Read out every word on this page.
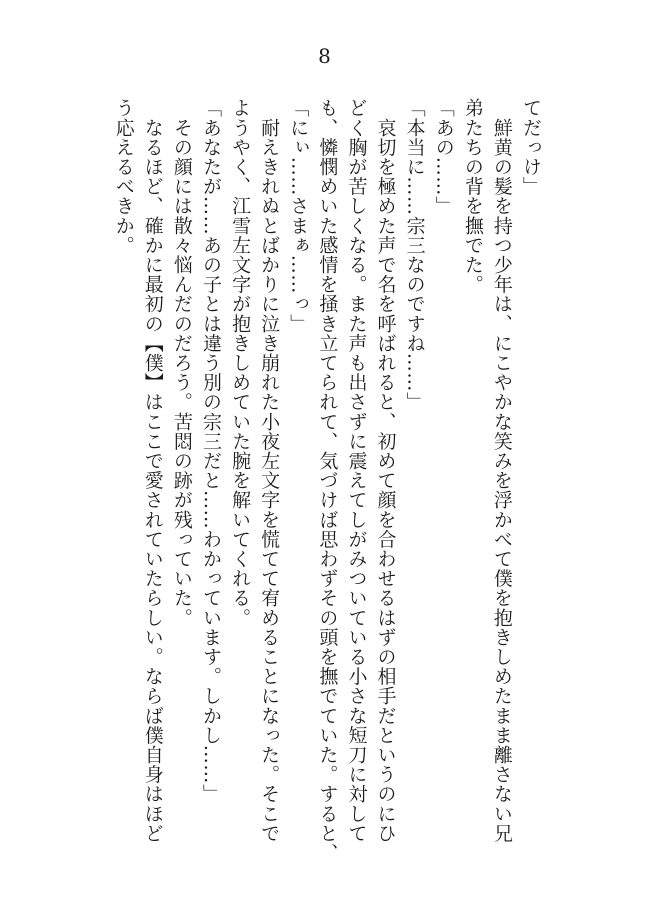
8
てだっけ」
　鮮黄の髪を持つ少年は、にこやかな笑みを浮かべて僕を抱きしめたまま離さない兄
弟たちの背を撫でた。
「あの……」
「本当に……宗三なのですね……」
　哀切を極めた声で名を呼ばれると、初めて顔を合わせるはずの相手だというのにひ
どく胸が苦しくなる。また声も出さずに震えてしがみついている小さな短刀に対して
も、憐憫めいた感情を掻き立てられて、気づけば思わずその頭を撫でていた。すると、
「にぃ……さまぁ……っ」
　耐えきれぬとばかりに泣き崩れた小夜左文字を慌てて宥めることになった。そこで
ようやく、江雪左文字が抱きしめていた腕を解いてくれる。
「あなたが……あの子とは違う別の宗三だと……わかっています。しかし……」
　その顔には散々悩んだのだろう。苦悶の跡が残っていた。
　なるほど、確かに最初の【僕】はここで愛されていたらしい。ならば僕自身はほど
う応えるべきか。
